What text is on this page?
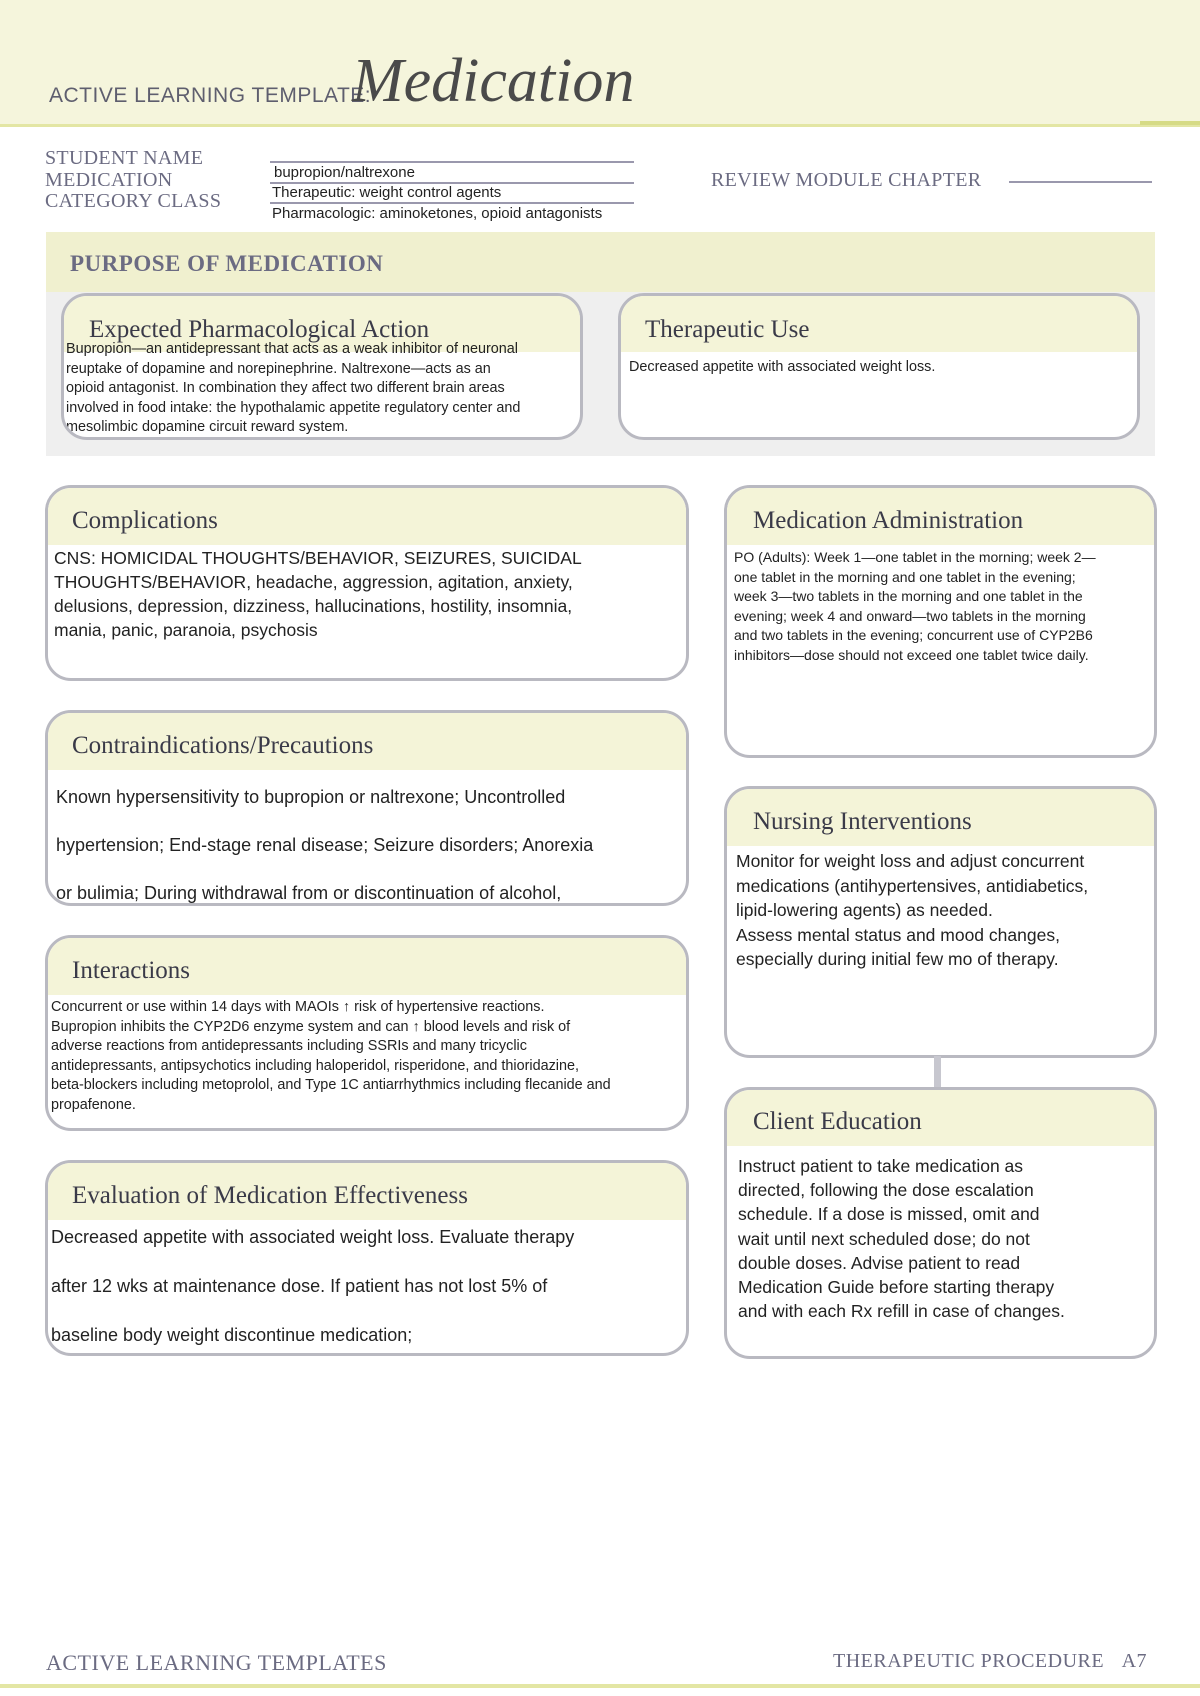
ACTIVE LEARNING TEMPLATE:
Medication
STUDENT NAME
MEDICATION
CATEGORY CLASS
bupropion/naltrexone
Therapeutic: weight control agents
Pharmacologic: aminoketones, opioid antagonists
REVIEW MODULE CHAPTER
PURPOSE OF MEDICATION
Expected Pharmacological Action
Bupropion—an antidepressant that acts as a weak inhibitor of neuronal
reuptake of dopamine and norepinephrine. Naltrexone—acts as an
opioid antagonist. In combination they affect two different brain areas
involved in food intake: the hypothalamic appetite regulatory center and
mesolimbic dopamine circuit reward system.
Therapeutic Use
Decreased appetite with associated weight loss.
Complications
CNS: HOMICIDAL THOUGHTS/BEHAVIOR, SEIZURES, SUICIDAL
THOUGHTS/BEHAVIOR, headache, aggression, agitation, anxiety,
delusions, depression, dizziness, hallucinations, hostility, insomnia,
mania, panic, paranoia, psychosis
Medication Administration
PO (Adults): Week 1—one tablet in the morning; week 2—
one tablet in the morning and one tablet in the evening;
week 3—two tablets in the morning and one tablet in the
evening; week 4 and onward—two tablets in the morning
and two tablets in the evening; concurrent use of CYP2B6
inhibitors—dose should not exceed one tablet twice daily.
Contraindications/Precautions
Known hypersensitivity to bupropion or naltrexone; Uncontrolled
hypertension; End-stage renal disease; Seizure disorders; Anorexia
or bulimia; During withdrawal from or discontinuation of alcohol,
Nursing Interventions
Monitor for weight loss and adjust concurrent
medications (antihypertensives, antidiabetics,
lipid-lowering agents) as needed.
Assess mental status and mood changes,
especially during initial few mo of therapy.
Interactions
Concurrent or use within 14 days with MAOIs ↑ risk of hypertensive reactions.
Bupropion inhibits the CYP2D6 enzyme system and can ↑ blood levels and risk of
adverse reactions from antidepressants including SSRIs and many tricyclic
antidepressants, antipsychotics including haloperidol, risperidone, and thioridazine,
beta-blockers including metoprolol, and Type 1C antiarrhythmics including flecanide and
propafenone.
Client Education
Instruct patient to take medication as
directed, following the dose escalation
schedule. If a dose is missed, omit and
wait until next scheduled dose; do not
double doses. Advise patient to read
Medication Guide before starting therapy
and with each Rx refill in case of changes.
Evaluation of Medication Effectiveness
Decreased appetite with associated weight loss. Evaluate therapy
after 12 wks at maintenance dose. If patient has not lost 5% of
baseline body weight discontinue medication;
ACTIVE LEARNING TEMPLATES	THERAPEUTIC PROCEDURE A7
